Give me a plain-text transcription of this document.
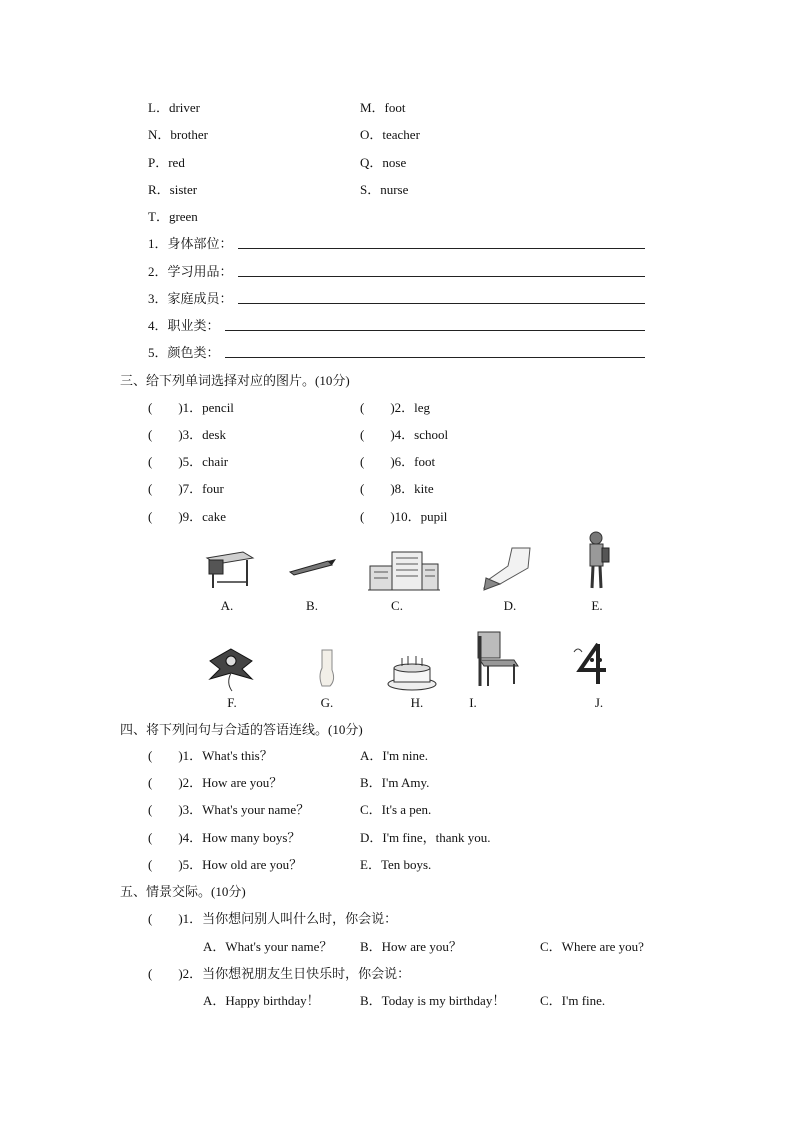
L．driver	M．foot
N．brother	O．teacher
P．red	Q．nose
R．sister	S．nurse
T．green
1．身体部位：
2．学习用品：
3．家庭成员：
4．职业类：
5．颜色类：
三、给下列单词选择对应的图片。(10分)
(　　)1．pencil	(　　)2．leg
(　　)3．desk	(　　)4．school
(　　)5．chair	(　　)6．foot
(　　)7．four	(　　)8．kite
(　　)9．cake	(　　)10．pupil
A.	B.	C.	D.	E.
F.	G.	H.	I.	J.
四、将下列问句与合适的答语连线。(10分)
(　　)1．What's this？	A．I'm nine.
(　　)2．How are you？	B．I'm Amy.
(　　)3．What's your name？	C．It's a pen.
(　　)4．How many boys？	D．I'm fine，thank you.
(　　)5．How old are you？	E．Ten boys.
五、情景交际。(10分)
(　　)1．当你想问别人叫什么时，你会说：
A．What's your name？ B．How are you？	C．Where are you?
(　　)2．当你想祝朋友生日快乐时，你会说：
A．Happy birthday！	B．Today is my birthday！	C．I'm fine.
